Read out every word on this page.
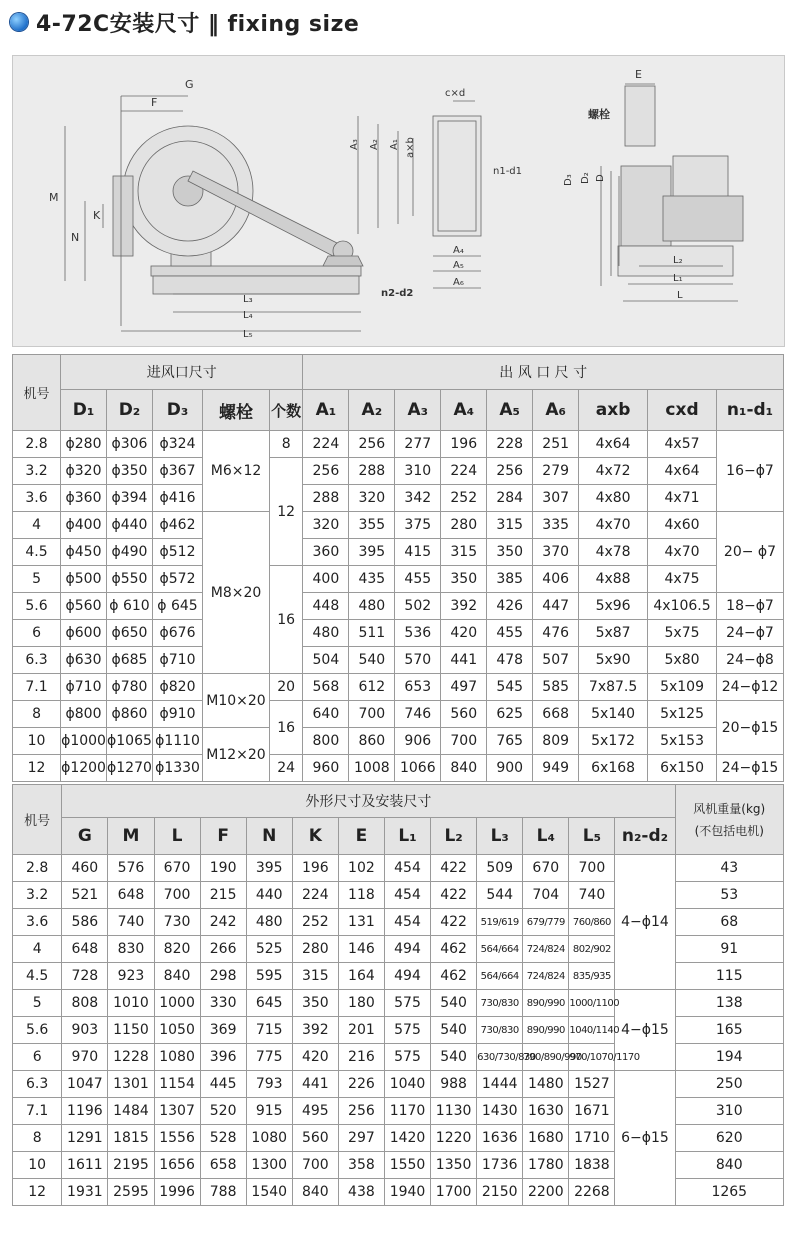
4-72C安装尺寸 ‖ fixing size
G
F
M
K
N
L₃
L₄
L₅
n2-d2
c×d
A₃ A₂ A₁ a×b
n1-d1
A₄
A₅
A₆
E
螺栓
D₃ D₂ D
L₂
L₁
L
机号	进风口尺寸					出 风 口 尺 寸								
	D₁	D₂	D₃	螺栓	个数	A₁	A₂	A₃	A₄	A₅	A₆	axb	cxd	n₁-d₁
2.8	ϕ280	ϕ306	ϕ324	M6×12	8	224	256	277	196	228	251	4x64	4x57	16−ϕ7
3.2	ϕ320	ϕ350	ϕ367		12	256	288	310	224	256	279	4x72	4x64	
3.6	ϕ360	ϕ394	ϕ416			288	320	342	252	284	307	4x80	4x71	
4	ϕ400	ϕ440	ϕ462	M8×20		320	355	375	280	315	335	4x70	4x60	20− ϕ7
4.5	ϕ450	ϕ490	ϕ512			360	395	415	315	350	370	4x78	4x70	
5	ϕ500	ϕ550	ϕ572		16	400	435	455	350	385	406	4x88	4x75	
5.6	ϕ560	ϕ 610	ϕ 645			448	480	502	392	426	447	5x96	4x106.5	18−ϕ7
6	ϕ600	ϕ650	ϕ676			480	511	536	420	455	476	5x87	5x75	24−ϕ7
6.3	ϕ630	ϕ685	ϕ710			504	540	570	441	478	507	5x90	5x80	24−ϕ8
7.1	ϕ710	ϕ780	ϕ820	M10×20	20	568	612	653	497	545	585	7x87.5	5x109	24−ϕ12
8	ϕ800	ϕ860	ϕ910		16	640	700	746	560	625	668	5x140	5x125	20−ϕ15
10	ϕ1000	ϕ1065	ϕ1110	M12×20		800	860	906	700	765	809	5x172	5x153	
12	ϕ1200	ϕ1270	ϕ1330		24	960	1008	1066	840	900	949	6x168	6x150	24−ϕ15
机号	外形尺寸及安装尺寸													风机重量(kg)
(不包括电机)

	G	M	L	F	N	K	E	L₁	L₂	L₃	L₄	L₅	n₂-d₂	
2.8	460	576	670	190	395	196	102	454	422	509	670	700	4−ϕ14	43
3.2	521	648	700	215	440	224	118	454	422	544	704	740		53
3.6	586	740	730	242	480	252	131	454	422	519/619	679/779	760/860		68
4	648	830	820	266	525	280	146	494	462	564/664	724/824	802/902		91
4.5	728	923	840	298	595	315	164	494	462	564/664	724/824	835/935		115
5	808	1010	1000	330	645	350	180	575	540	730/830	890/990	1000/1100	4−ϕ15	138
5.6	903	1150	1050	369	715	392	201	575	540	730/830	890/990	1040/1140		165
6	970	1228	1080	396	775	420	216	575	540	630/730/830	790/890/990	970/1070/1170		194
6.3	1047	1301	1154	445	793	441	226	1040	988	1444	1480	1527	6−ϕ15	250
7.1	1196	1484	1307	520	915	495	256	1170	1130	1430	1630	1671		310
8	1291	1815	1556	528	1080	560	297	1420	1220	1636	1680	1710		620
10	1611	2195	1656	658	1300	700	358	1550	1350	1736	1780	1838		840
12	1931	2595	1996	788	1540	840	438	1940	1700	2150	2200	2268		1265
